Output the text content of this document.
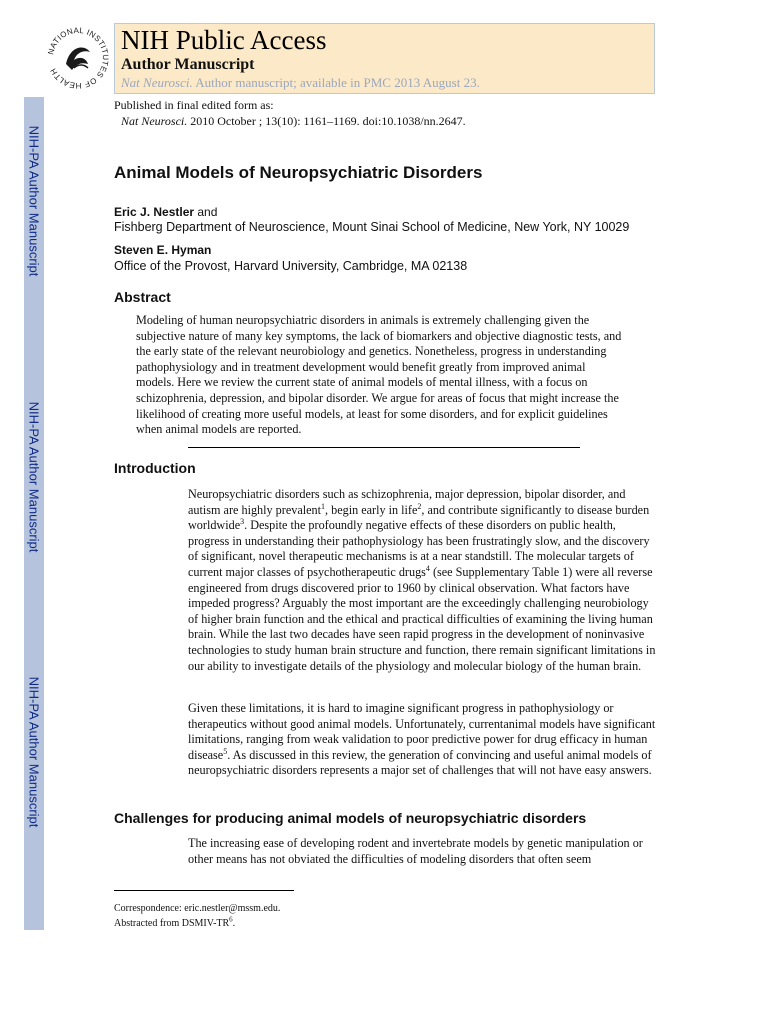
NIH-PA Author Manuscript
NIH-PA Author Manuscript
NIH-PA Author Manuscript
NATIONAL INSTITUTES OF HEALTH
NIH Public Access
Author Manuscript
Nat Neurosci. Author manuscript; available in PMC 2013 August 23.
Published in final edited form as:
Nat Neurosci. 2010 October ; 13(10): 1161–1169. doi:10.1038/nn.2647.
Animal Models of Neuropsychiatric Disorders
Eric J. Nestler and
Fishberg Department of Neuroscience, Mount Sinai School of Medicine, New York, NY 10029
Steven E. Hyman
Office of the Provost, Harvard University, Cambridge, MA 02138
Abstract
Modeling of human neuropsychiatric disorders in animals is extremely challenging given the subjective nature of many key symptoms, the lack of biomarkers and objective diagnostic tests, and the early state of the relevant neurobiology and genetics. Nonetheless, progress in understanding pathophysiology and in treatment development would benefit greatly from improved animal models. Here we review the current state of animal models of mental illness, with a focus on schizophrenia, depression, and bipolar disorder. We argue for areas of focus that might increase the likelihood of creating more useful models, at least for some disorders, and for explicit guidelines when animal models are reported.
Introduction
Neuropsychiatric disorders such as schizophrenia, major depression, bipolar disorder, and autism are highly prevalent$^1$, begin early in life$^2$, and contribute significantly to disease burden worldwide$^3$. Despite the profoundly negative effects of these disorders on public health, progress in understanding their pathophysiology has been frustratingly slow, and the discovery of significant, novel therapeutic mechanisms is at a near standstill. The molecular targets of current major classes of psychotherapeutic drugs$^4$ (see Supplementary Table 1) were all reverse engineered from drugs discovered prior to 1960 by clinical observation. What factors have impeded progress? Arguably the most important are the exceedingly challenging neurobiology of higher brain function and the ethical and practical difficulties of examining the living human brain. While the last two decades have seen rapid progress in the development of noninvasive technologies to study human brain structure and function, there remain significant limitations in our ability to investigate details of the physiology and molecular biology of the human brain.
Given these limitations, it is hard to imagine significant progress in pathophysiology or therapeutics without good animal models. Unfortunately, currentanimal models have significant limitations, ranging from weak validation to poor predictive power for drug efficacy in human disease$^5$. As discussed in this review, the generation of convincing and useful animal models of neuropsychiatric disorders represents a major set of challenges that will not have easy answers.
Challenges for producing animal models of neuropsychiatric disorders
The increasing ease of developing rodent and invertebrate models by genetic manipulation or other means has not obviated the difficulties of modeling disorders that often seem
Correspondence: eric.nestler@mssm.edu.
Abstracted from DSMIV-$TR^6$.
